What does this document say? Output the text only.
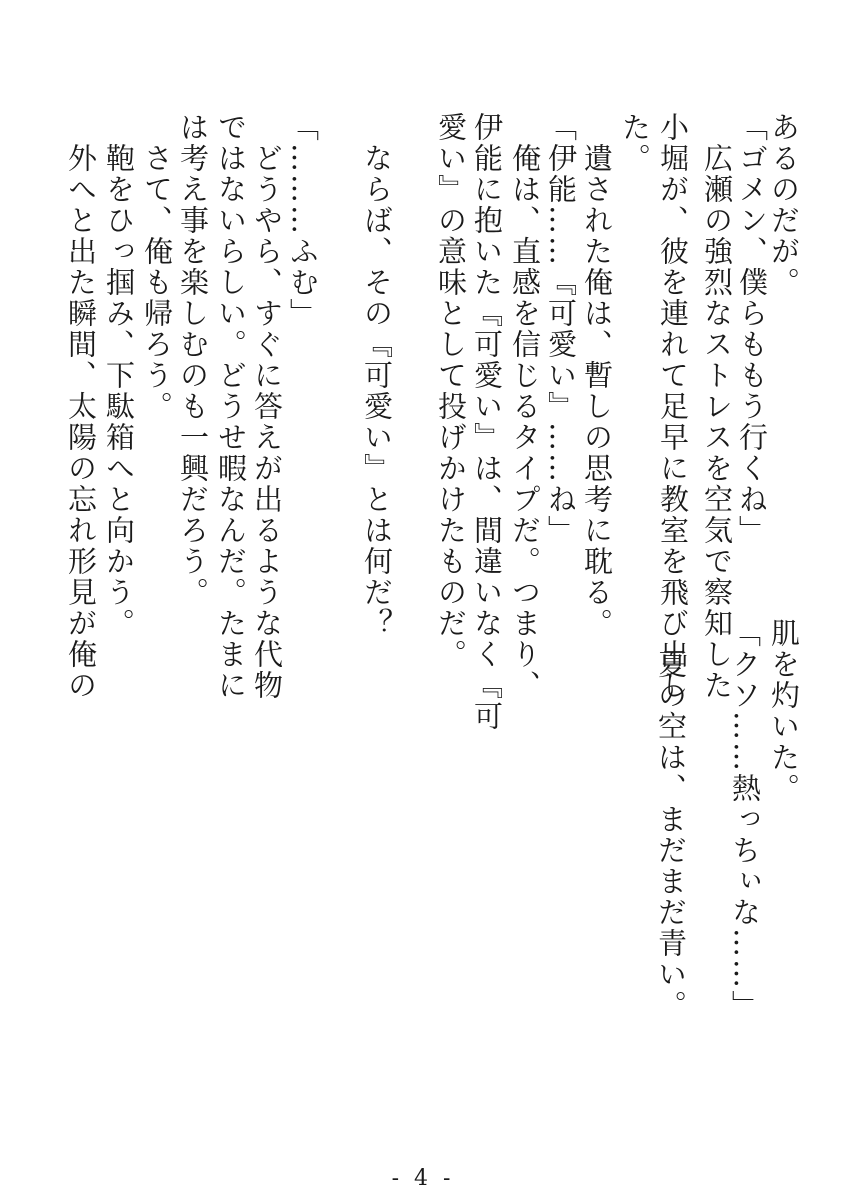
あるのだが。
「ゴメン、僕らももう行くね」
　広瀬の強烈なストレスを空気で察知した
小堀が、彼を連れて足早に教室を飛び出し
た。
　遺された俺は、暫しの思考に耽る。
「伊能……『可愛い』……ね」
　俺は、直感を信じるタイプだ。つまり、
伊能に抱いた『可愛い』は、間違いなく『可
愛い』の意味として投げかけたものだ。
　ならば、その『可愛い』とは何だ？
「………ふむ」
　どうやら、すぐに答えが出るような代物
ではないらしい。どうせ暇なんだ。たまに
は考え事を楽しむのも一興だろう。
　さて、俺も帰ろう。
　鞄をひっ掴み、下駄箱へと向かう。
　外へと出た瞬間、太陽の忘れ形見が俺の
肌を灼いた。
「クソ……熱っちぃな……」
　夏の空は、まだまだ青い。
- 4 -
